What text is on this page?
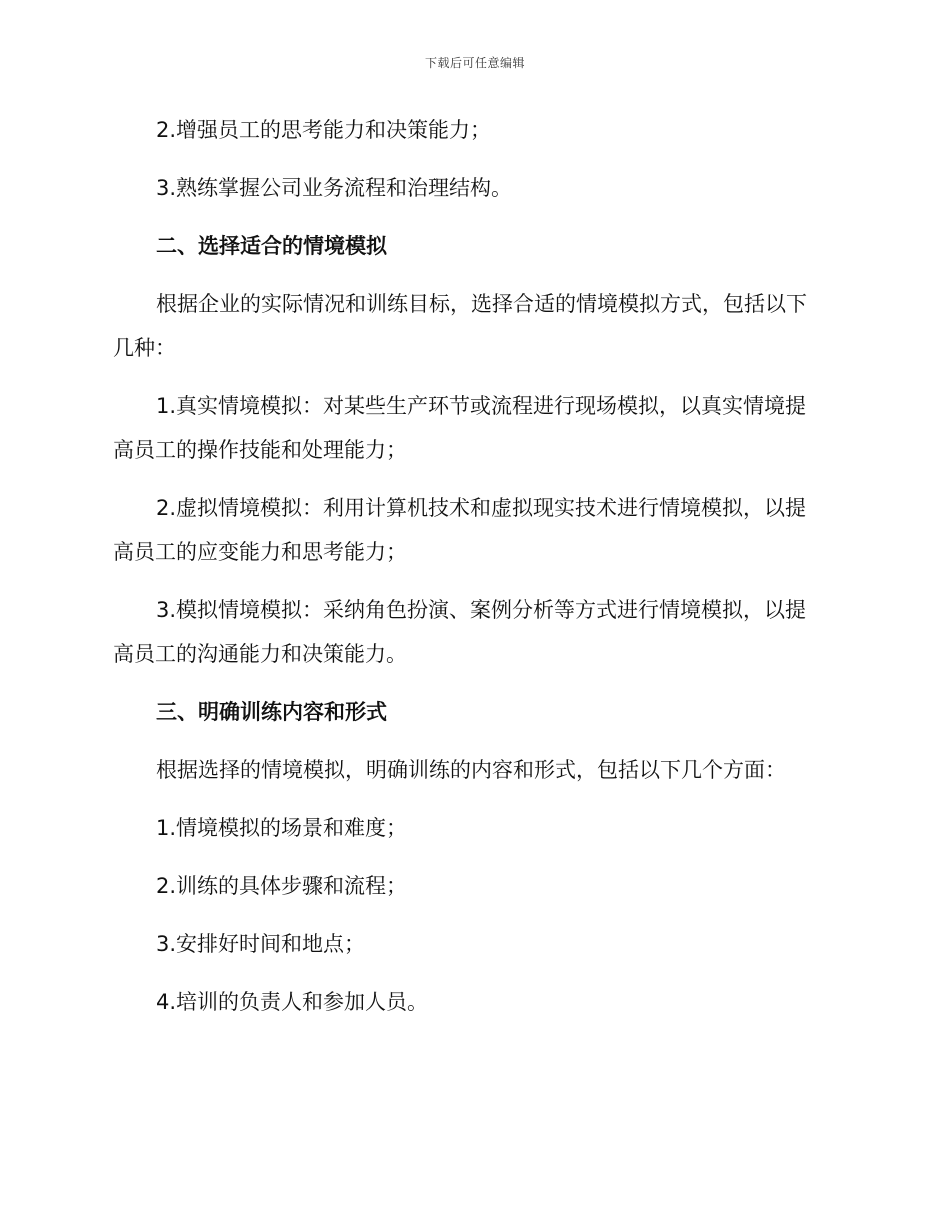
下载后可任意编辑

2.增强员工的思考能力和决策能力；

3.熟练掌握公司业务流程和治理结构。

二、选择适合的情境模拟

根据企业的实际情况和训练目标，选择合适的情境模拟方式，包括以下

几种：

1.真实情境模拟：对某些生产环节或流程进行现场模拟，以真实情境提

高员工的操作技能和处理能力；

2.虚拟情境模拟：利用计算机技术和虚拟现实技术进行情境模拟，以提

高员工的应变能力和思考能力；

3.模拟情境模拟：采纳角色扮演、案例分析等方式进行情境模拟，以提

高员工的沟通能力和决策能力。

三、明确训练内容和形式

根据选择的情境模拟，明确训练的内容和形式，包括以下几个方面：

1.情境模拟的场景和难度；

2.训练的具体步骤和流程；

3.安排好时间和地点；

4.培训的负责人和参加人员。
